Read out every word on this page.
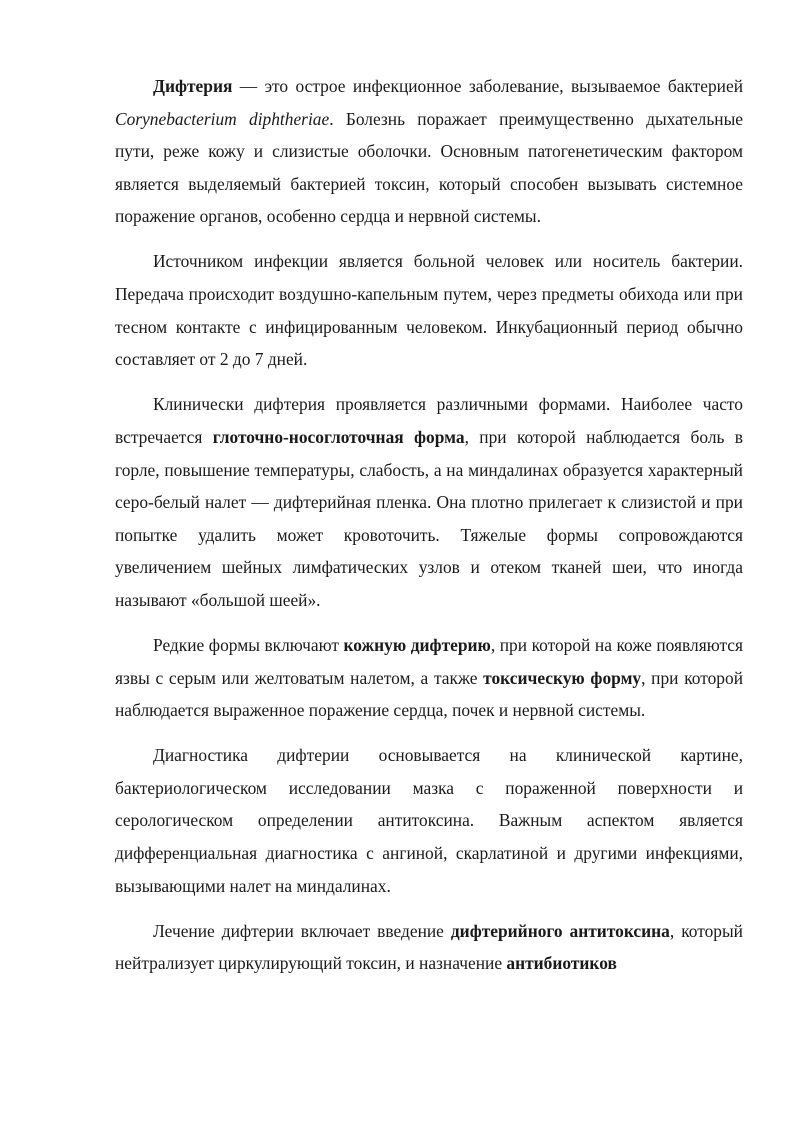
Дифтерия — это острое инфекционное заболевание, вызываемое бактерией Corynebacterium diphtheriae. Болезнь поражает преимущественно дыхательные пути, реже кожу и слизистые оболочки. Основным патогенетическим фактором является выделяемый бактерией токсин, который способен вызывать системное поражение органов, особенно сердца и нервной системы.

Источником инфекции является больной человек или носитель бактерии. Передача происходит воздушно-капельным путем, через предметы обихода или при тесном контакте с инфицированным человеком. Инкубационный период обычно составляет от 2 до 7 дней.

Клинически дифтерия проявляется различными формами. Наиболее часто встречается глоточно-носоглоточная форма, при которой наблюдается боль в горле, повышение температуры, слабость, а на миндалинах образуется характерный серо-белый налет — дифтерийная пленка. Она плотно прилегает к слизистой и при попытке удалить может кровоточить. Тяжелые формы сопровождаются увеличением шейных лимфатических узлов и отеком тканей шеи, что иногда называют «большой шеей».

Редкие формы включают кожную дифтерию, при которой на коже появляются язвы с серым или желтоватым налетом, а также токсическую форму, при которой наблюдается выраженное поражение сердца, почек и нервной системы.

Диагностика дифтерии основывается на клинической картине, бактериологическом исследовании мазка с пораженной поверхности и серологическом определении антитоксина. Важным аспектом является дифференциальная диагностика с ангиной, скарлатиной и другими инфекциями, вызывающими налет на миндалинах.

Лечение дифтерии включает введение дифтерийного антитоксина, который нейтрализует циркулирующий токсин, и назначение антибиотиков
